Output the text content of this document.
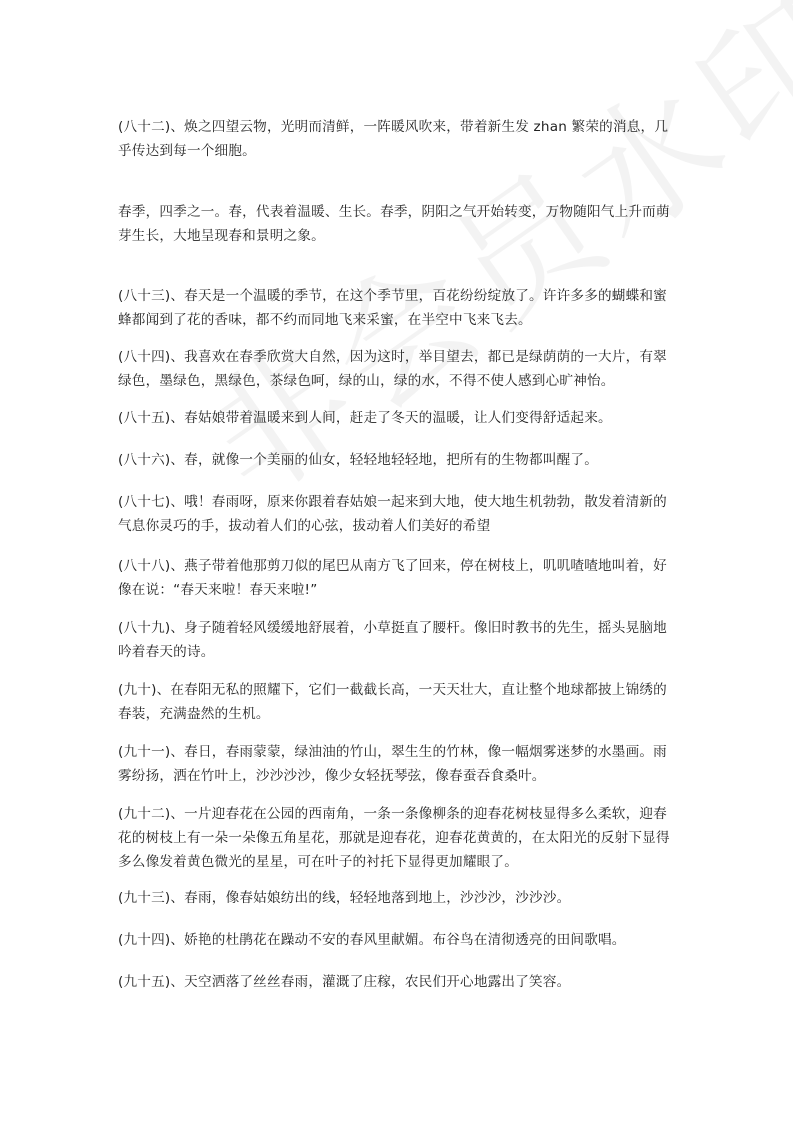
(八十二)、焕之四望云物，光明而清鲜，一阵暖风吹来，带着新生发 zhan 繁荣的消息，几乎传达到每一个细胞。

春季，四季之一。春，代表着温暖、生长。春季，阴阳之气开始转变，万物随阳气上升而萌芽生长，大地呈现春和景明之象。

(八十三)、春天是一个温暖的季节，在这个季节里，百花纷纷绽放了。许许多多的蝴蝶和蜜蜂都闻到了花的香味，都不约而同地飞来采蜜，在半空中飞来飞去。

(八十四)、我喜欢在春季欣赏大自然，因为这时，举目望去，都已是绿荫荫的一大片，有翠绿色，墨绿色，黑绿色，茶绿色呵，绿的山，绿的水，不得不使人感到心旷神怡。

(八十五)、春姑娘带着温暖来到人间，赶走了冬天的温暖，让人们变得舒适起来。

(八十六)、春，就像一个美丽的仙女，轻轻地轻轻地，把所有的生物都叫醒了。

(八十七)、哦！春雨呀，原来你跟着春姑娘一起来到大地，使大地生机勃勃，散发着清新的气息你灵巧的手，拔动着人们的心弦，拔动着人们美好的希望

(八十八)、燕子带着他那剪刀似的尾巴从南方飞了回来，停在树枝上，叽叽喳喳地叫着，好像在说：“春天来啦！春天来啦!”

(八十九)、身子随着轻风缓缓地舒展着，小草挺直了腰杆。像旧时教书的先生，摇头晃脑地吟着春天的诗。

(九十)、在春阳无私的照耀下，它们一截截长高，一天天壮大，直让整个地球都披上锦绣的春装，充满盎然的生机。

(九十一)、春日，春雨蒙蒙，绿油油的竹山，翠生生的竹林，像一幅烟雾迷梦的水墨画。雨雾纷扬，洒在竹叶上，沙沙沙沙，像少女轻抚琴弦，像春蚕吞食桑叶。

(九十二)、一片迎春花在公园的西南角，一条一条像柳条的迎春花树枝显得多么柔软，迎春花的树枝上有一朵一朵像五角星花，那就是迎春花，迎春花黄黄的，在太阳光的反射下显得多么像发着黄色微光的星星，可在叶子的衬托下显得更加耀眼了。

(九十三)、春雨，像春姑娘纺出的线，轻轻地落到地上，沙沙沙，沙沙沙。

(九十四)、娇艳的杜鹃花在躁动不安的春风里献媚。布谷鸟在清彻透亮的田间歌唱。

(九十五)、天空洒落了丝丝春雨，灌溉了庄稼，农民们开心地露出了笑容。
